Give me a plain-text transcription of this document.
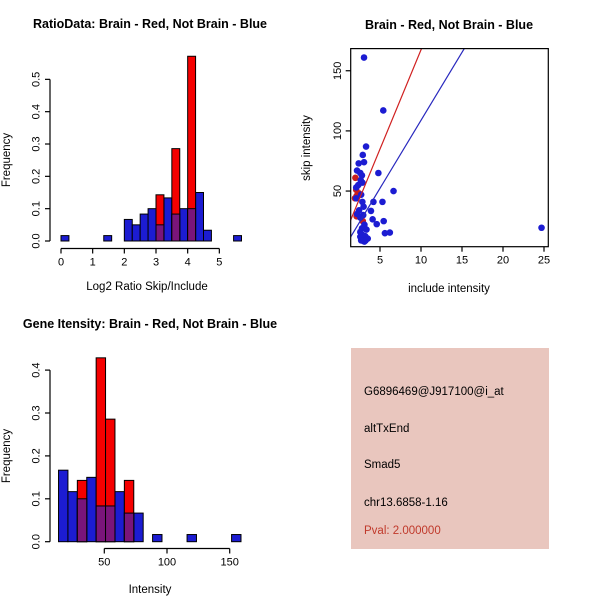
RatioData: Brain - Red, Not Brain - Blue
0.0
0.1
0.2
0.3
0.4
0.5
0 1 2 3 4 5
Log2 Ratio Skip/Include
Frequency
Brain - Red, Not Brain - Blue
5	10	15	20	25
50
100
150
include intensity
skip intensity
Gene Itensity: Brain - Red, Not Brain - Blue
0.0
0.1
0.2
0.3
0.4
50	100	150
Intensity
Frequency
G6896469@J917100@i_at
altTxEnd
Smad5
chr13.6858-1.16
Pval: 2.000000
